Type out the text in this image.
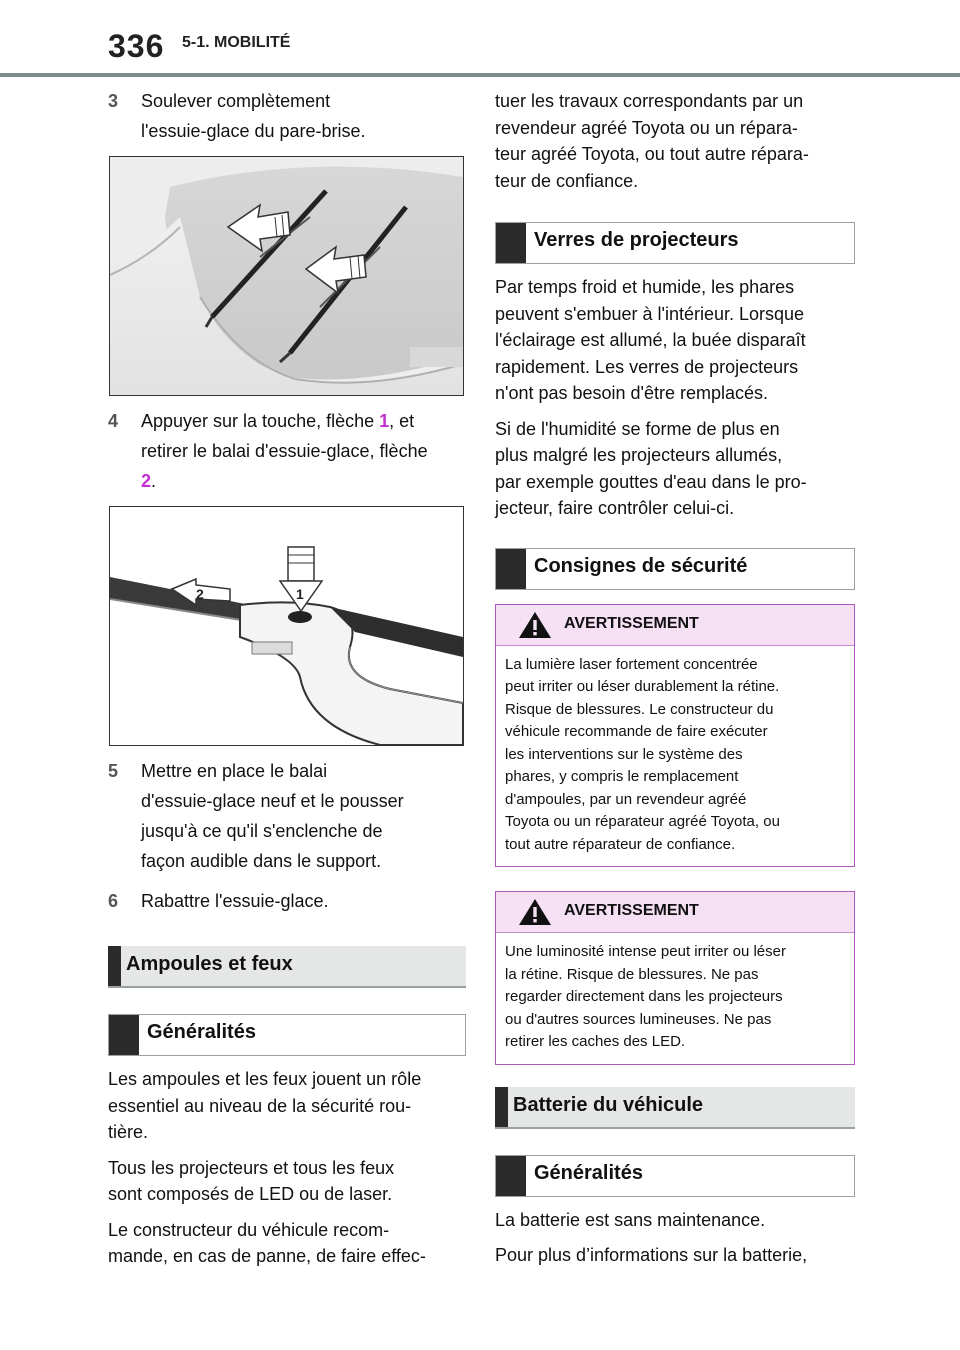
336 5-1. MOBILITÉ
3 Soulever complètement
l'essuie-glace du pare-brise.
4 Appuyer sur la touche, flèche 1, et
retirer le balai d'essuie-glace, flèche
2.
2	1
5 Mettre en place le balai
d'essuie-glace neuf et le pousser
jusqu'à ce qu'il s'enclenche de
façon audible dans le support.
6 Rabattre l'essuie-glace.
Ampoules et feux
Généralités
Les ampoules et les feux jouent un rôle
essentiel au niveau de la sécurité rou-
tière.
Tous les projecteurs et tous les feux
sont composés de LED ou de laser.
Le constructeur du véhicule recom-
mande, en cas de panne, de faire effec-
tuer les travaux correspondants par un
revendeur agréé Toyota ou un répara-
teur agréé Toyota, ou tout autre répara-
teur de confiance.
Verres de projecteurs
Par temps froid et humide, les phares
peuvent s'embuer à l'intérieur. Lorsque
l'éclairage est allumé, la buée disparaît
rapidement. Les verres de projecteurs
n'ont pas besoin d'être remplacés.
Si de l'humidité se forme de plus en
plus malgré les projecteurs allumés,
par exemple gouttes d'eau dans le pro-
jecteur, faire contrôler celui-ci.
Consignes de sécurité
AVERTISSEMENT
La lumière laser fortement concentrée
peut irriter ou léser durablement la rétine.
Risque de blessures. Le constructeur du
véhicule recommande de faire exécuter
les interventions sur le système des
phares, y compris le remplacement
d'ampoules, par un revendeur agréé
Toyota ou un réparateur agréé Toyota, ou
tout autre réparateur de confiance.
AVERTISSEMENT
Une luminosité intense peut irriter ou léser
la rétine. Risque de blessures. Ne pas
regarder directement dans les projecteurs
ou d'autres sources lumineuses. Ne pas
retirer les caches des LED.
Batterie du véhicule
Généralités
La batterie est sans maintenance.
Pour plus d’informations sur la batterie,
